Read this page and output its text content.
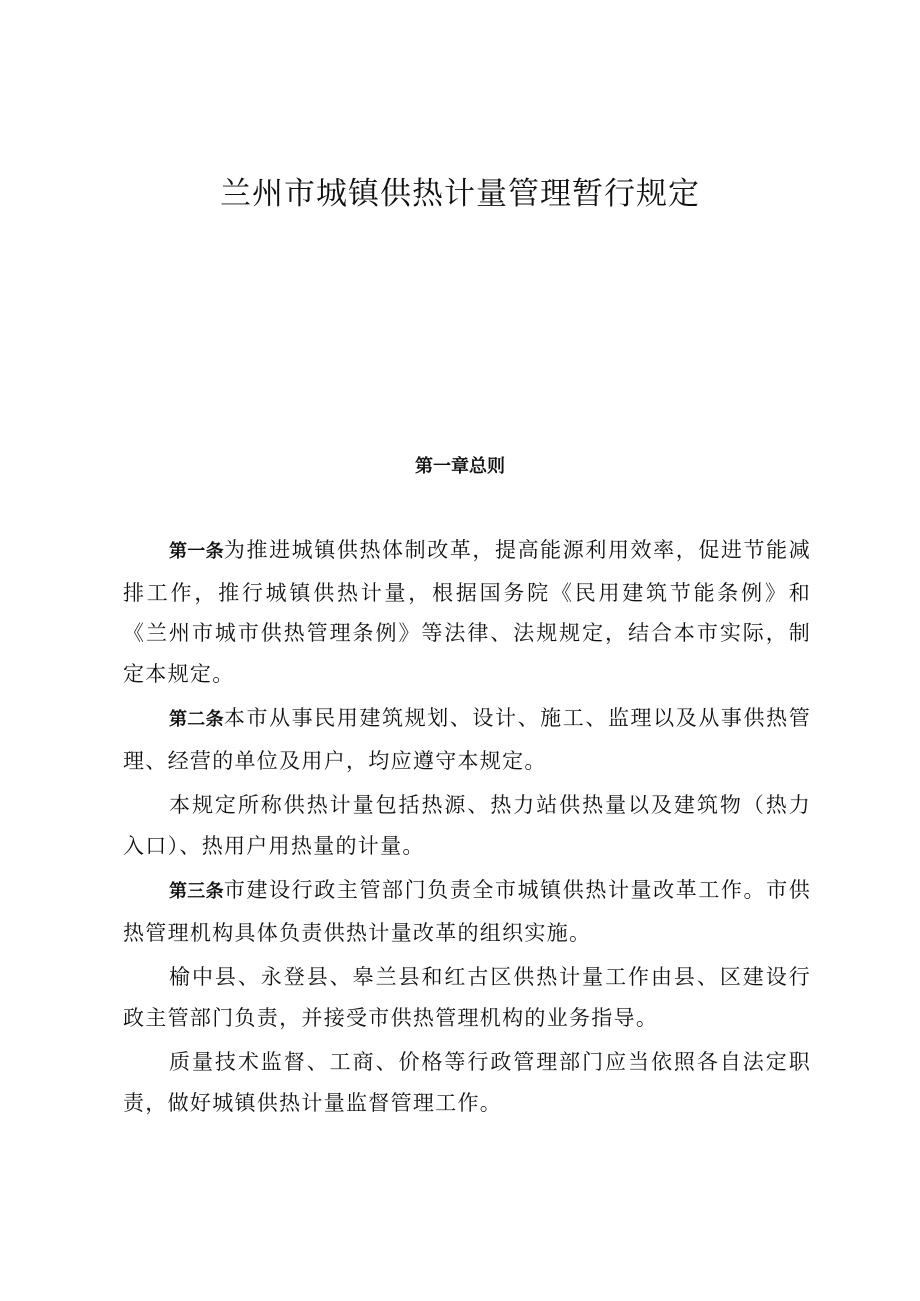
兰州市城镇供热计量管理暂行规定
第一章总则

第一条为推进城镇供热体制改革，提高能源利用效率，促进节能减排工作，推行城镇供热计量，根据国务院《民用建筑节能条例》和《兰州市城市供热管理条例》等法律、法规规定，结合本市实际，制定本规定。

第二条本市从事民用建筑规划、设计、施工、监理以及从事供热管理、经营的单位及用户，均应遵守本规定。

本规定所称供热计量包括热源、热力站供热量以及建筑物（热力入口）、热用户用热量的计量。

第三条市建设行政主管部门负责全市城镇供热计量改革工作。市供热管理机构具体负责供热计量改革的组织实施。

榆中县、永登县、皋兰县和红古区供热计量工作由县、区建设行政主管部门负责，并接受市供热管理机构的业务指导。

质量技术监督、工商、价格等行政管理部门应当依照各自法定职责，做好城镇供热计量监督管理工作。
